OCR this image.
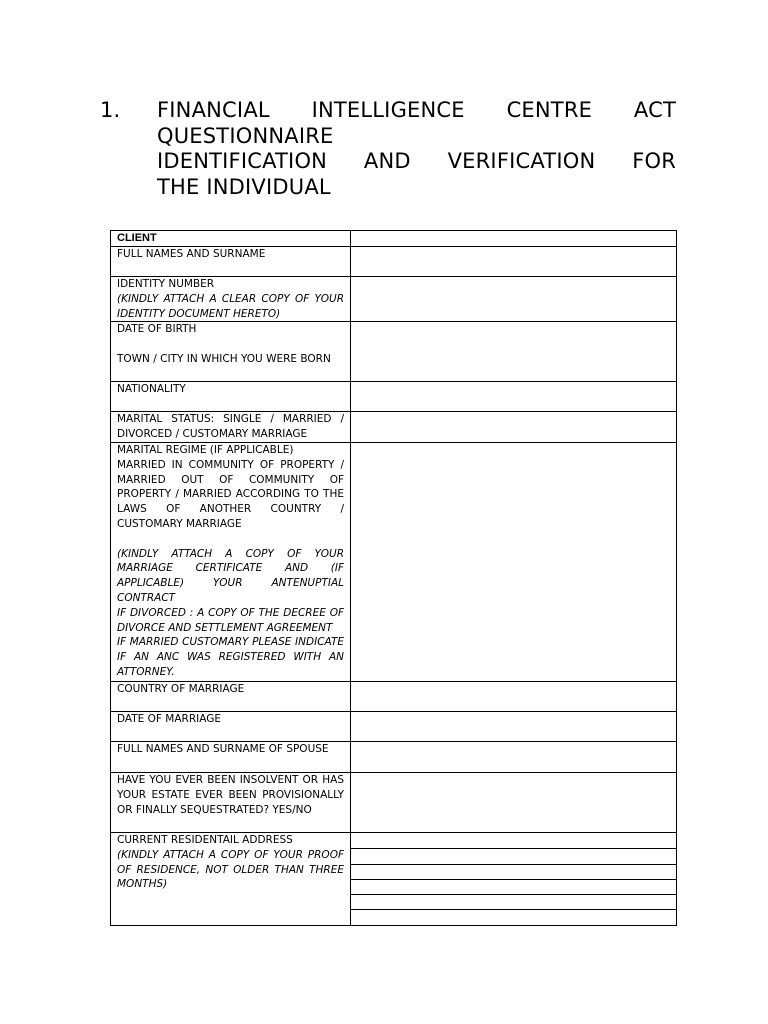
1. FINANCIAL INTELLIGENCE CENTRE ACT
QUESTIONNAIRE
IDENTIFICATION AND VERIFICATION FOR
THE INDIVIDUAL
CLIENT	
FULL NAMES AND SURNAME	

IDENTITY NUMBER
(KINDLY ATTACH A CLEAR COPY OF YOUR IDENTITY DOCUMENT HERETO)	

DATE OF BIRTH
TOWN / CITY IN WHICH YOU WERE BORN	

NATIONALITY	
MARITAL STATUS: SINGLE / MARRIED / DIVORCED / CUSTOMARY MARRIAGE	

MARITAL REGIME (IF APPLICABLE)
MARRIED IN COMMUNITY OF PROPERTY / MARRIED OUT OF COMMUNITY OF PROPERTY / MARRIED ACCORDING TO THE LAWS OF ANOTHER COUNTRY / CUSTOMARY MARRIAGE
(KINDLY ATTACH A COPY OF YOUR MARRIAGE CERTIFICATE AND (IF APPLICABLE) YOUR ANTENUPTIAL CONTRACT
IF DIVORCED : A COPY OF THE DECREE OF DIVORCE AND SETTLEMENT AGREEMENT
IF MARRIED CUSTOMARY PLEASE INDICATE IF AN ANC WAS REGISTERED WITH AN ATTORNEY.	

COUNTRY OF MARRIAGE	
DATE OF MARRIAGE	
FULL NAMES AND SURNAME OF SPOUSE	
HAVE YOU EVER BEEN INSOLVENT OR HAS YOUR ESTATE EVER BEEN PROVISIONALLY OR FINALLY SEQUESTRATED? YES/NO	

CURRENT RESIDENTAIL ADDRESS
(KINDLY ATTACH A COPY OF YOUR PROOF OF RESIDENCE, NOT OLDER THAN THREE MONTHS)	
